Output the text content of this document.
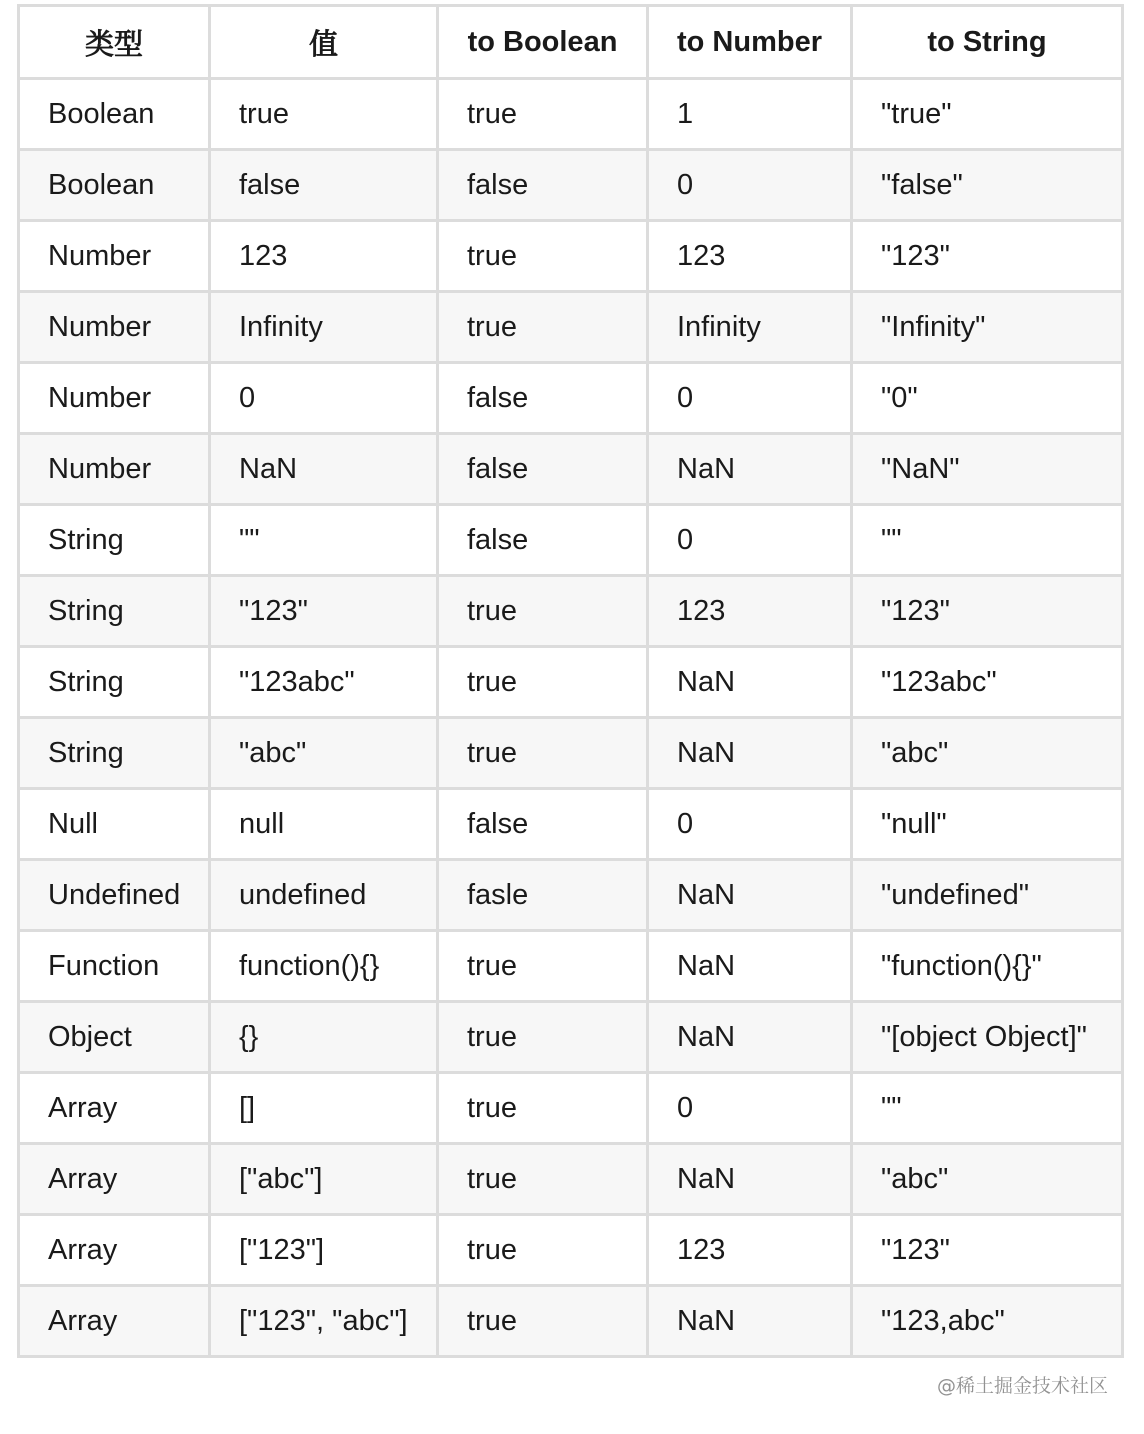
类型	值	to Boolean	to Number	to String
Boolean	true	true	1	"true"
Boolean	false	false	0	"false"
Number	123	true	123	"123"
Number	Infinity	true	Infinity	"Infinity"
Number	0	false	0	"0"
Number	NaN	false	NaN	"NaN"
String	""	false	0	""
String	"123"	true	123	"123"
String	"123abc"	true	NaN	"123abc"
String	"abc"	true	NaN	"abc"
Null	null	false	0	"null"
Undefined	undefined	fasle	NaN	"undefined"
Function	function(){}	true	NaN	"function(){}"
Object	{}	true	NaN	"[object Object]"
Array	[]	true	0	""
Array	["abc"]	true	NaN	"abc"
Array	["123"]	true	123	"123"
Array	["123", "abc"]	true	NaN	"123,abc"
@稀土掘金技术社区
